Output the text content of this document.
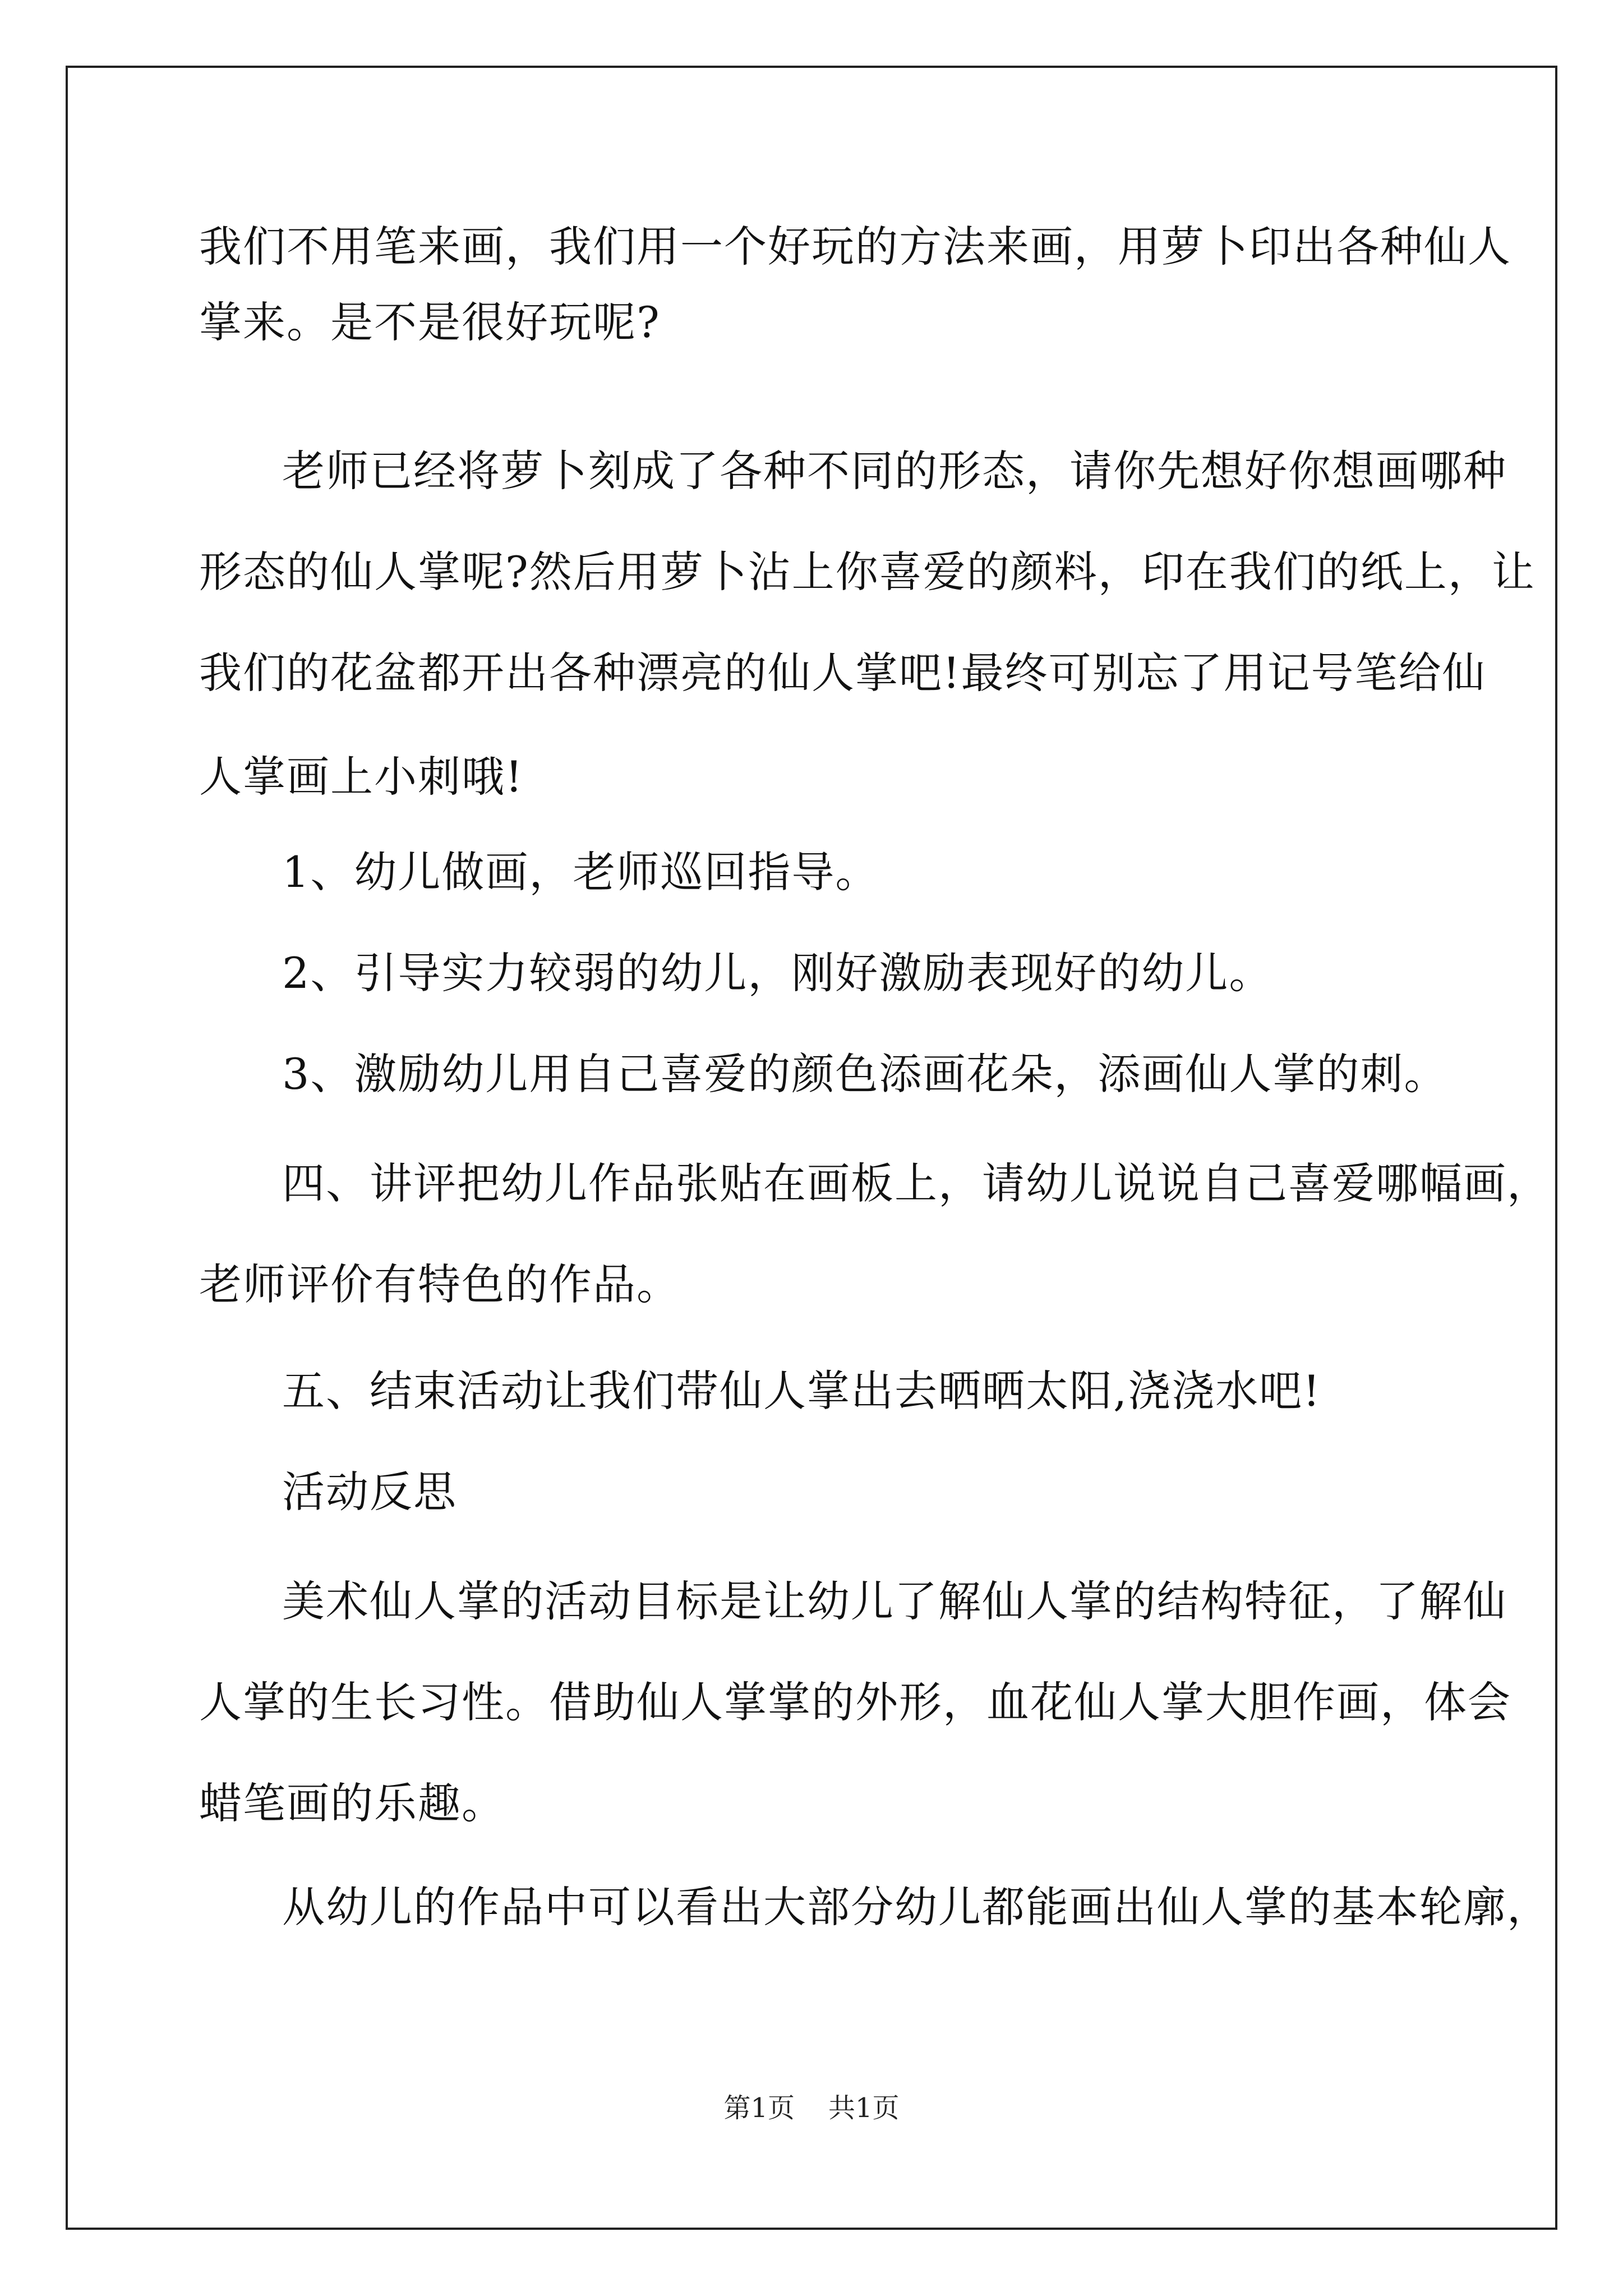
我们不用笔来画，我们用一个好玩的方法来画，用萝卜印出各种仙人
掌来。是不是很好玩呢?
老师已经将萝卜刻成了各种不同的形态，请你先想好你想画哪种
形态的仙人掌呢?然后用萝卜沾上你喜爱的颜料，印在我们的纸上，让
我们的花盆都开出各种漂亮的仙人掌吧!最终可别忘了用记号笔给仙
人掌画上小刺哦!
1、幼儿做画，老师巡回指导。
2、引导实力较弱的幼儿，刚好激励表现好的幼儿。
3、激励幼儿用自己喜爱的颜色添画花朵，添画仙人掌的刺。
四、讲评把幼儿作品张贴在画板上，请幼儿说说自己喜爱哪幅画，
老师评价有特色的作品。
五、结束活动让我们带仙人掌出去晒晒太阳,浇浇水吧!
活动反思
美术仙人掌的活动目标是让幼儿了解仙人掌的结构特征，了解仙
人掌的生长习性。借助仙人掌掌的外形，血花仙人掌大胆作画，体会
蜡笔画的乐趣。
从幼儿的作品中可以看出大部分幼儿都能画出仙人掌的基本轮廓，
第1页 共1页
